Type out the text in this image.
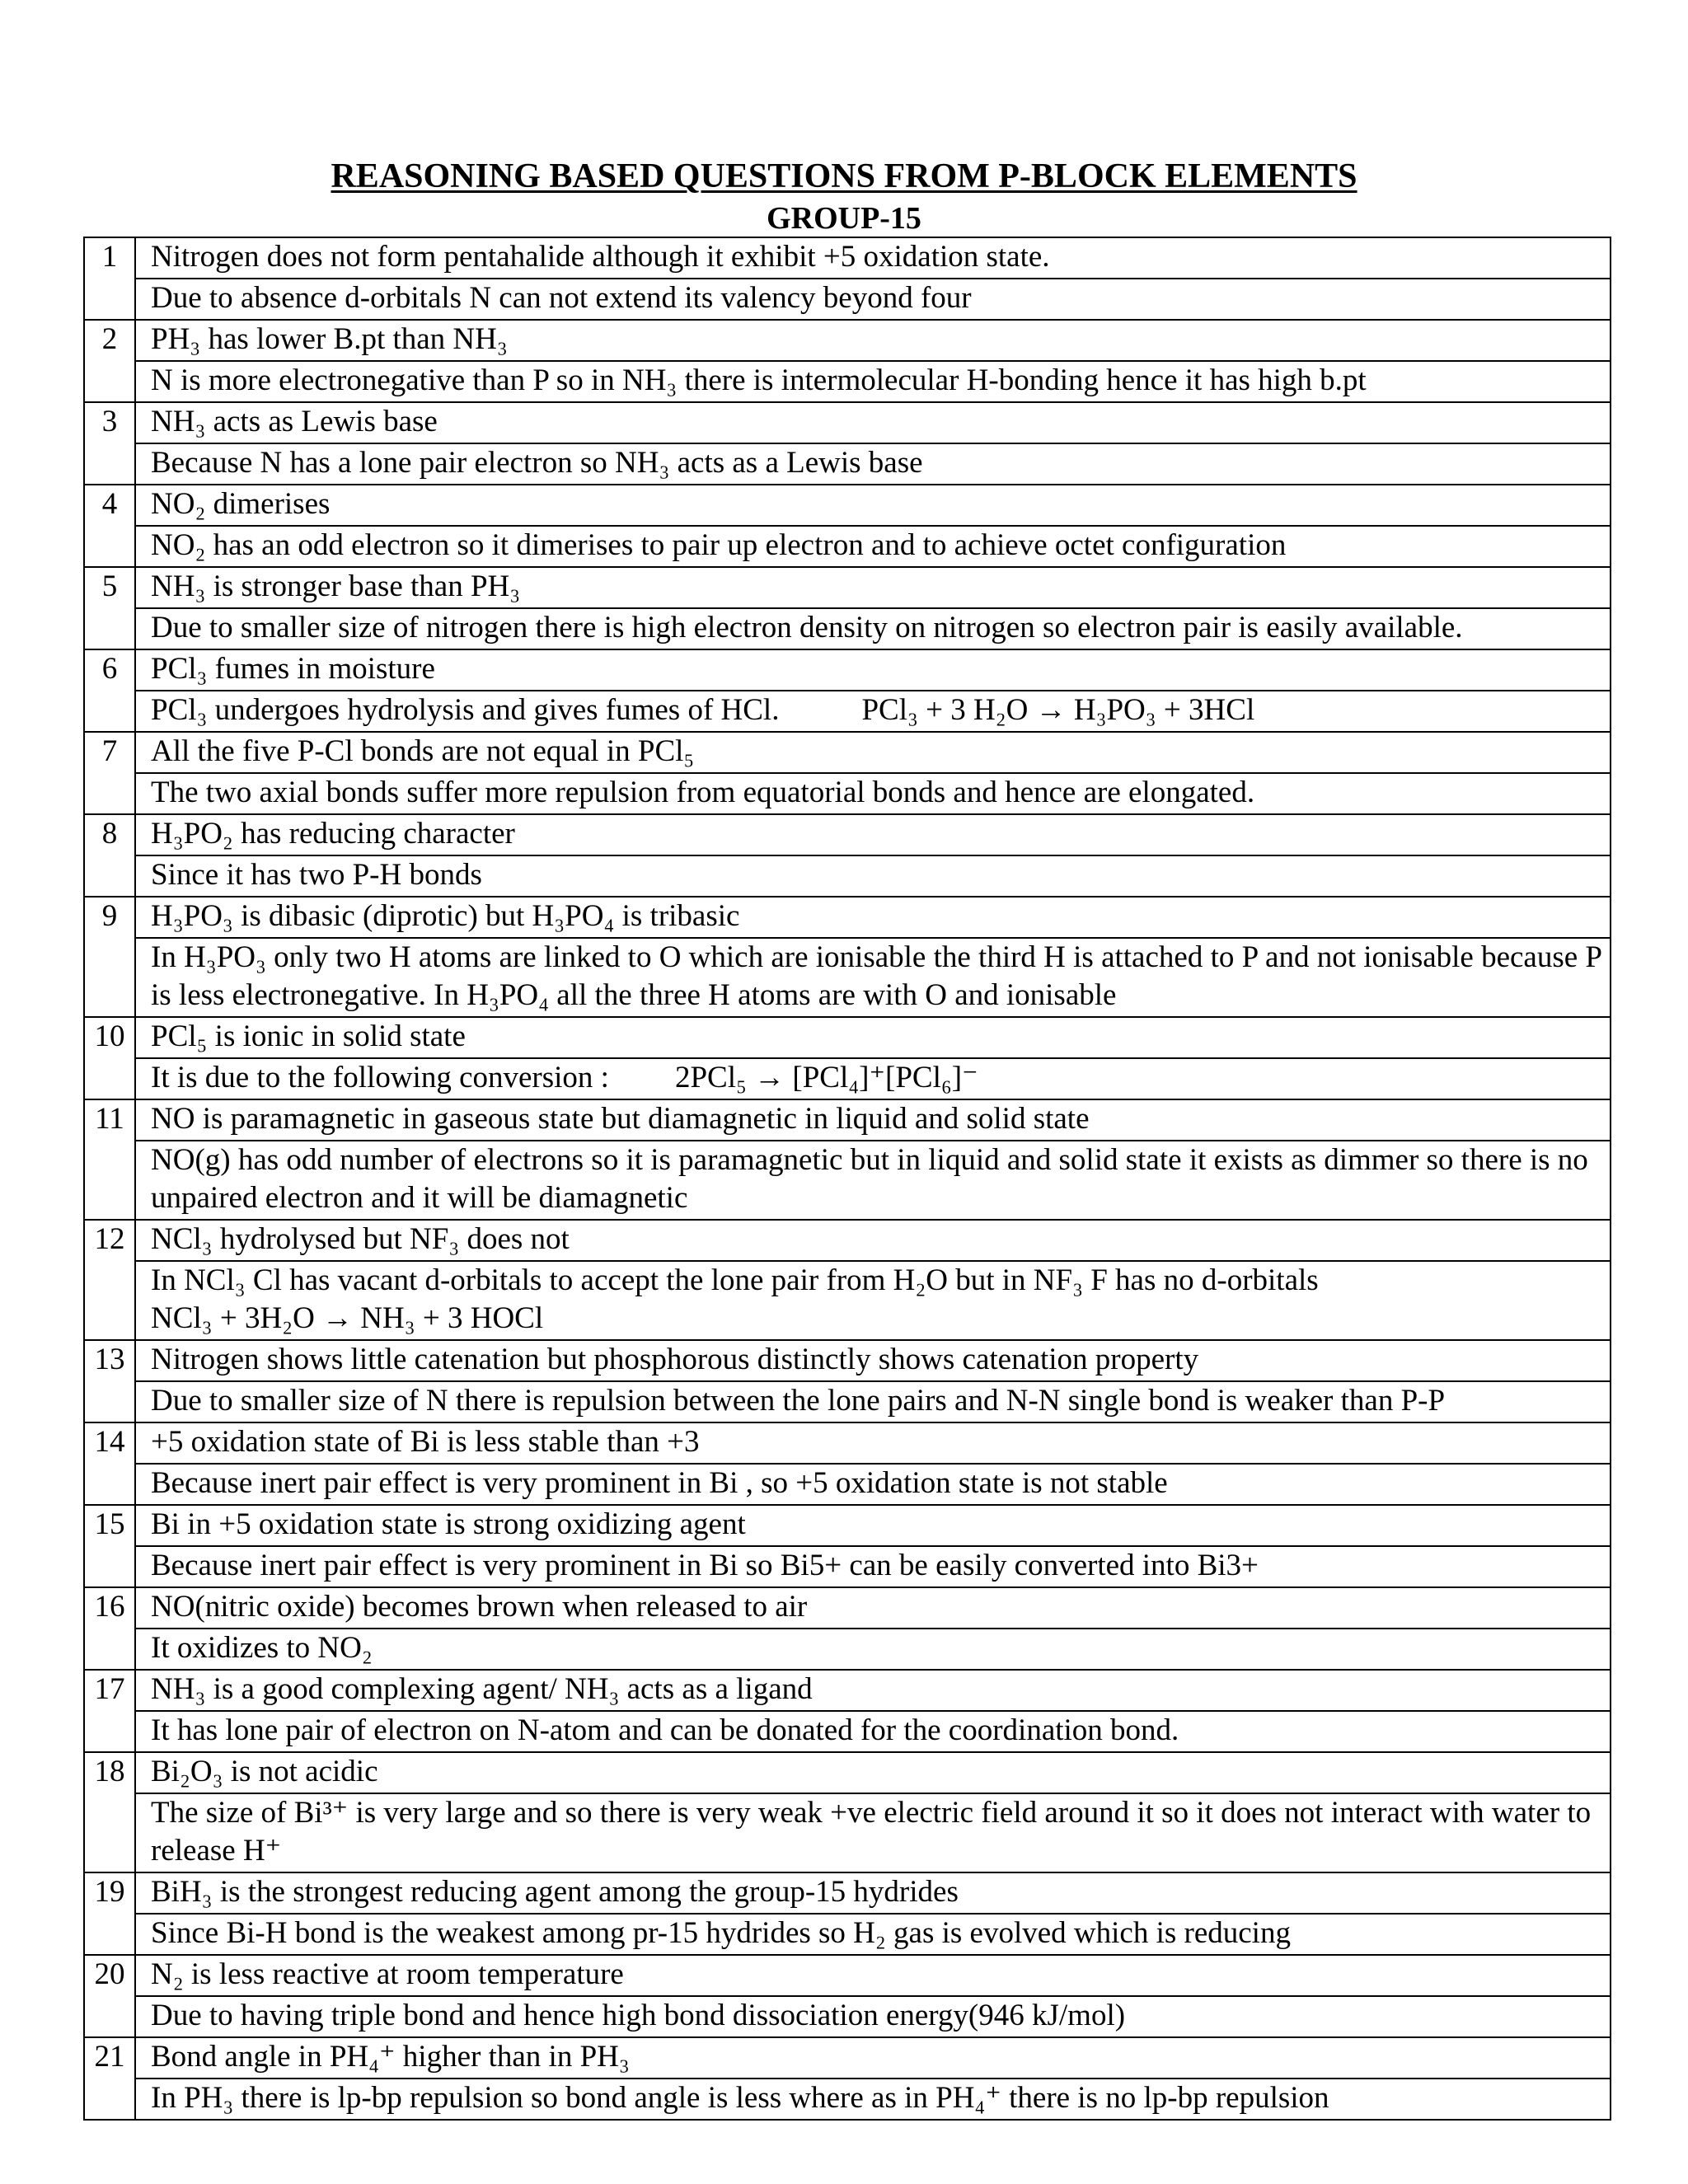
REASONING BASED QUESTIONS FROM P-BLOCK ELEMENTS
GROUP-15
1	Nitrogen does not form pentahalide although it exhibit +5 oxidation state.
	Due to absence d-orbitals N can not extend its valency beyond four
2	PH₃ has lower B.pt than NH₃
	N is more electronegative than P so in NH₃ there is intermolecular H-bonding hence it has high b.pt
3	NH₃ acts as Lewis base
	Because N has a lone pair electron so NH₃ acts as a Lewis base
4	NO₂ dimerises
	NO₂ has an odd electron so it dimerises to pair up electron and to achieve octet configuration
5	NH₃ is stronger base than PH₃
	Due to smaller size of nitrogen there is high electron density on nitrogen so electron pair is easily available.
6	PCl₃ fumes in moisture
	PCl₃ undergoes hydrolysis and gives fumes of HCl. PCl₃ + 3 H₂O → H₃PO₃ + 3HCl
7	All the five P-Cl bonds are not equal in PCl₅
	The two axial bonds suffer more repulsion from equatorial bonds and hence are elongated.
8	H₃PO₂ has reducing character
	Since it has two P-H bonds
9	H₃PO₃ is dibasic (diprotic) but H₃PO₄ is tribasic
	In H₃PO₃ only two H atoms are linked to O which are ionisable the third H is attached to P and not ionisable because P is less electronegative. In H₃PO₄ all the three H atoms are with O and ionisable
10	PCl₅ is ionic in solid state
	It is due to the following conversion : 2PCl₅ → [PCl₄]⁺[PCl₆]⁻
11	NO is paramagnetic in gaseous state but diamagnetic in liquid and solid state
	NO(g) has odd number of electrons so it is paramagnetic but in liquid and solid state it exists as dimmer so there is no unpaired electron and it will be diamagnetic
12	NCl₃ hydrolysed but NF₃ does not

	In NCl₃ Cl has vacant d-orbitals to accept the lone pair from H₂O but in NF₃ F has no d-orbitals
NCl₃ + 3H₂O → NH₃ + 3 HOCl

13	Nitrogen shows little catenation but phosphorous distinctly shows catenation property
	Due to smaller size of N there is repulsion between the lone pairs and N-N single bond is weaker than P-P
14	+5 oxidation state of Bi is less stable than +3
	Because inert pair effect is very prominent in Bi , so +5 oxidation state is not stable
15	Bi in +5 oxidation state is strong oxidizing agent
	Because inert pair effect is very prominent in Bi so Bi5+ can be easily converted into Bi3+
16	NO(nitric oxide) becomes brown when released to air
	It oxidizes to NO₂
17	NH₃ is a good complexing agent/ NH₃ acts as a ligand
	It has lone pair of electron on N-atom and can be donated for the coordination bond.
18	Bi₂O₃ is not acidic
	The size of Bi³⁺ is very large and so there is very weak +ve electric field around it so it does not interact with water to release H⁺
19	BiH₃ is the strongest reducing agent among the group-15 hydrides
	Since Bi-H bond is the weakest among pr-15 hydrides so H₂ gas is evolved which is reducing
20	N₂ is less reactive at room temperature
	Due to having triple bond and hence high bond dissociation energy(946 kJ/mol)
21	Bond angle in PH₄⁺ higher than in PH₃
	In PH₃ there is lp-bp repulsion so bond angle is less where as in PH₄⁺ there is no lp-bp repulsion
